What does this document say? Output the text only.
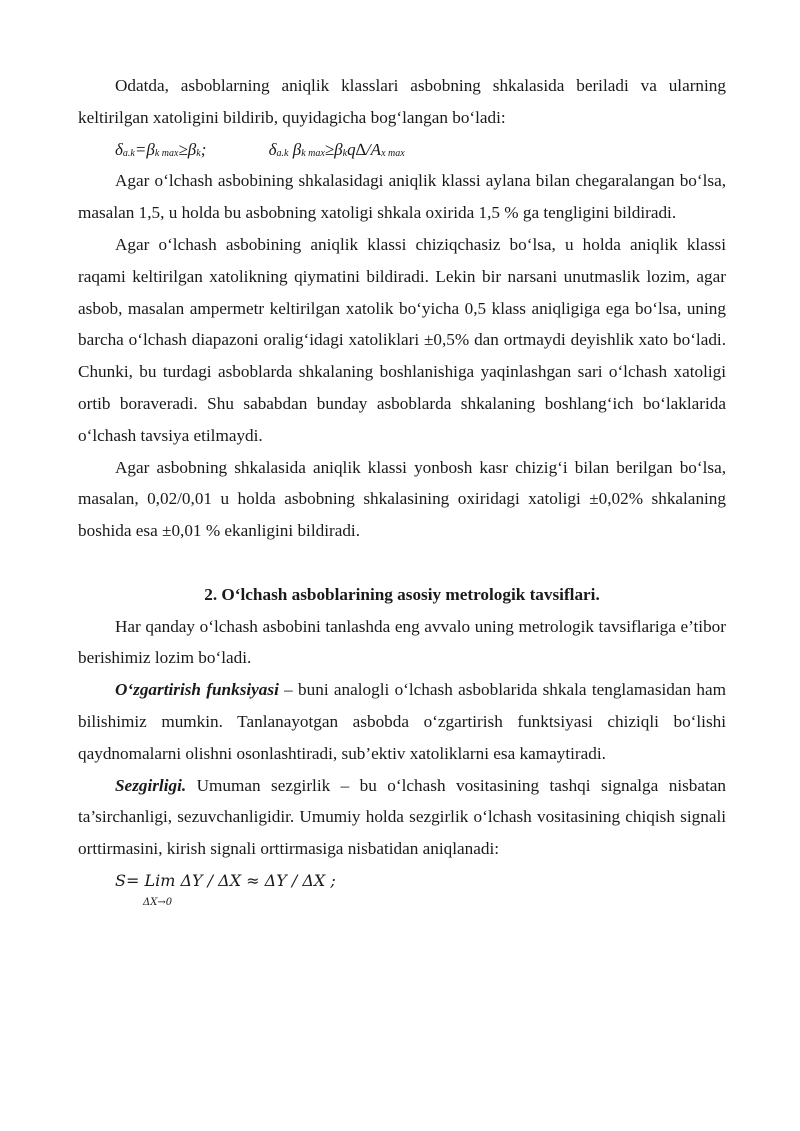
Odatda, asboblarning aniqlik klasslari asbobning shkalasida beriladi va ularning keltirilgan xatoligini bildirib, quyidagicha bog‘langan bo‘ladi:

δa.k=βk max≥βk;	δa.k βk max≥βkq∆/Ax max

Agar o‘lchash asbobining shkalasidagi aniqlik klassi aylana bilan chegaralangan bo‘lsa, masalan 1,5, u holda bu asbobning xatoligi shkala oxirida 1,5 % ga tengligini bildiradi.

Agar o‘lchash asbobining aniqlik klassi chiziqchasiz bo‘lsa, u holda aniqlik klassi raqami keltirilgan xatolikning qiymatini bildiradi. Lekin bir narsani unutmaslik lozim, agar asbob, masalan ampermetr keltirilgan xatolik bo‘yicha 0,5 klass aniqligiga ega bo‘lsa, uning barcha o‘lchash diapazoni oralig‘idagi xatoliklari ±0,5% dan ortmaydi deyishlik xato bo‘ladi. Chunki, bu turdagi asboblarda shkalaning boshlanishiga yaqinlashgan sari o‘lchash xatoligi ortib boraveradi. Shu sababdan bunday asboblarda shkalaning boshlang‘ich bo‘laklarida o‘lchash tavsiya etilmaydi.

Agar asbobning shkalasida aniqlik klassi yonbosh kasr chizig‘i bilan berilgan bo‘lsa, masalan, 0,02/0,01 u holda asbobning shkalasining oxiridagi xatoligi ±0,02% shkalaning boshida esa ±0,01 % ekanligini bildiradi.

2. O‘lchash asboblarining asosiy metrologik tavsiflari.

Har qanday o‘lchash asbobini tanlashda eng avvalo uning metrologik tavsiflariga e’tibor berishimiz lozim bo‘ladi.

O‘zgartirish funksiyasi – buni analogli o‘lchash asboblarida shkala tenglamasidan ham bilishimiz mumkin. Tanlanayotgan asbobda o‘zgartirish funktsiyasi chiziqli bo‘lishi qaydnomalarni olishni osonlashtiradi, sub’ektiv xatoliklarni esa kamaytiradi.

Sezgirligi. Umuman sezgirlik – bu o‘lchash vositasining tashqi signalga nisbatan ta’sirchanligi, sezuvchanligidir. Umumiy holda sezgirlik o‘lchash vositasining chiqish signali orttirmasini, kirish signali orttirmasiga nisbatidan aniqlanadi:

S= Lim ΔY / ΔX ≈ ΔY / ΔX ;
ΔX→0
